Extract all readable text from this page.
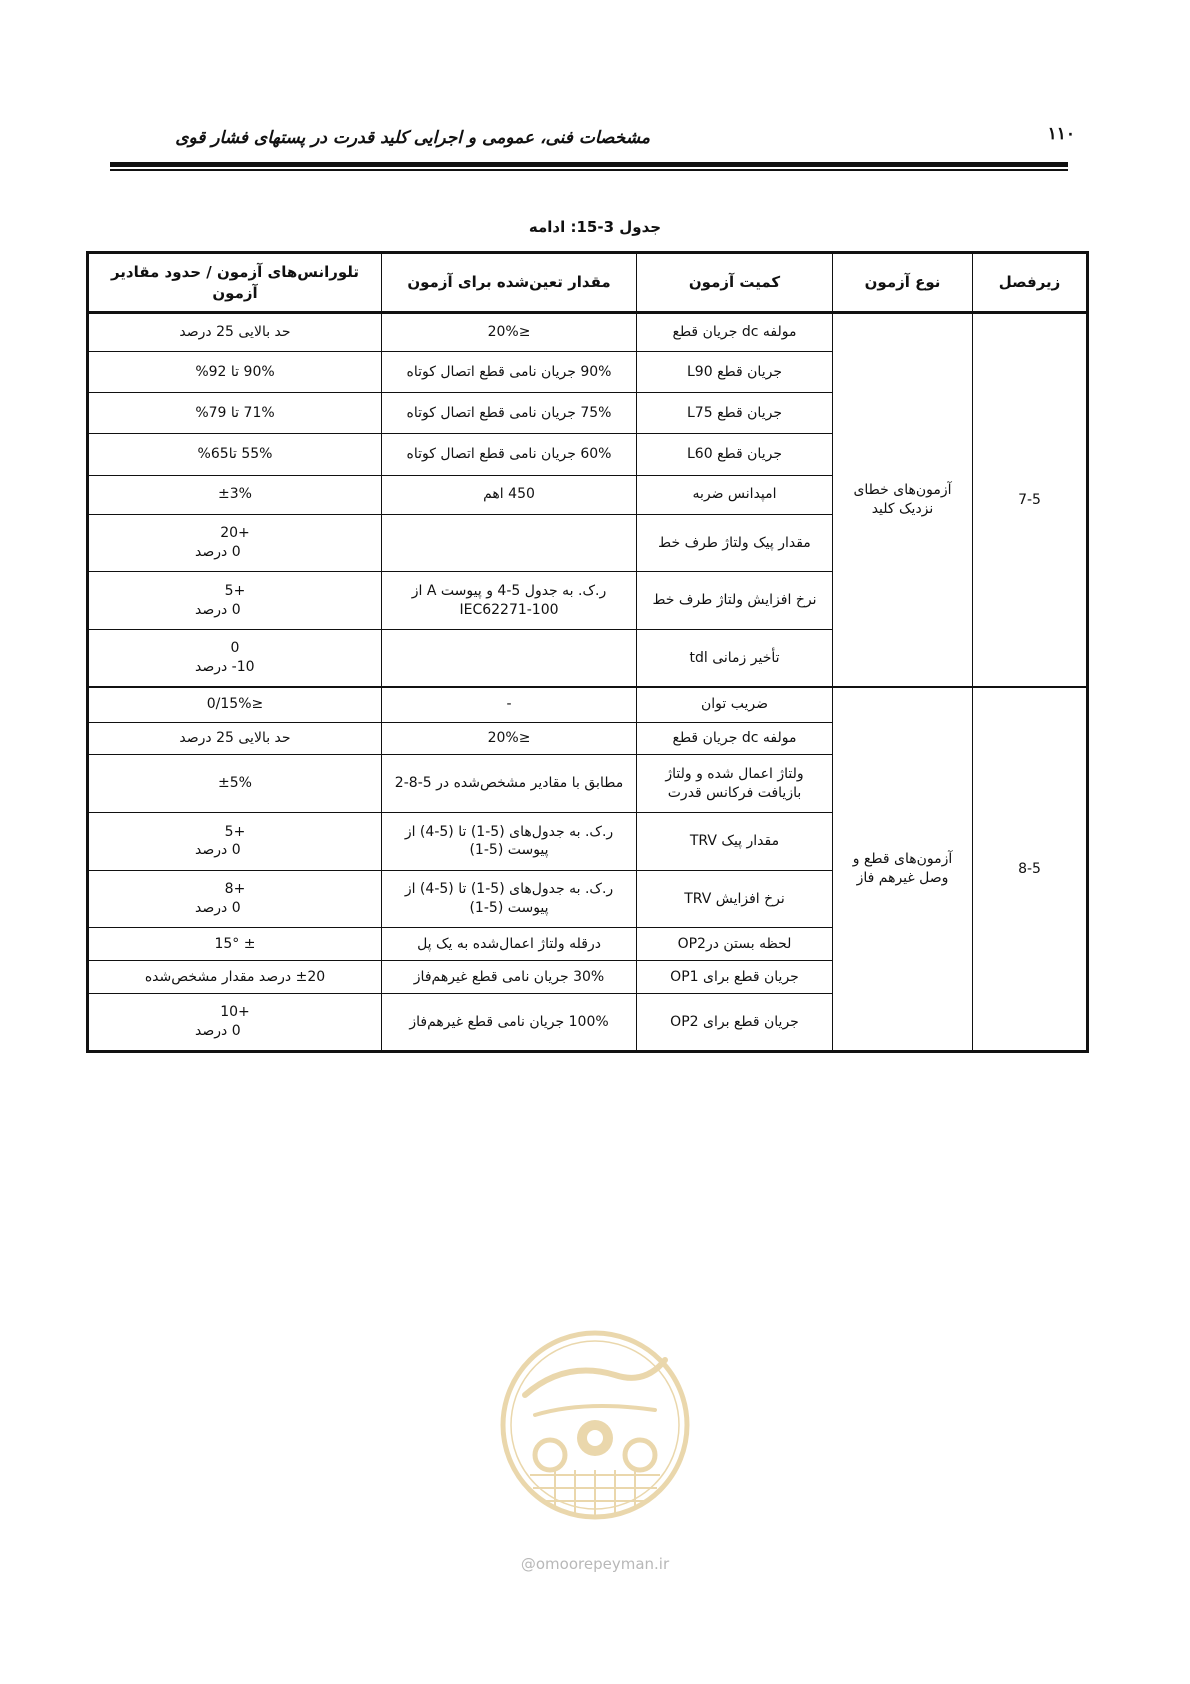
مشخصات فنی، عمومی و اجرایی کلید قدرت در پستهای فشار قوی	۱۱۰
جدول 3-15: ادامه
زیرفصل	نوع آزمون	کمیت آزمون	مقدار تعین‌شده برای آزمون	تلورانس‌های آزمون / حدود مقادیر آزمون
7-5	آزمون‌های خطای نزدیک کلید	مولفه dc جریان قطع	≤20%	حد بالایی 25 درصد

		جریان قطع L90	90% جریان نامی قطع اتصال کوتاه	90% تا 92%

		جریان قطع L75	75% جریان نامی قطع اتصال کوتاه	71% تا 79%

		جریان قطع L60	60% جریان نامی قطع اتصال کوتاه	55% تا65%

		امپدانس ضربه	450 اهم	±3%

		مقدار پیک ولتاژ طرف خط		+20
0 درصد

		نرخ افزایش ولتاژ طرف خط	ر.ک. به جدول 5-4 و پیوست A از IEC62271-100	+5
0 درصد

		تأخیر زمانی tdl		0
10- درصد

8-5	آزمون‌های قطع و وصل غیرهم فاز	ضریب توان	-	≤0/15%

		مولفه dc جریان قطع	≤20%	حد بالایی 25 درصد

		ولتاژ اعمال شده و ولتاژ بازیافت فرکانس قدرت	مطابق با مقادیر مشخص‌شده در 5-8-2	±5%

		مقدار پیک TRV	ر.ک. به جدول‌های (5-1) تا (5-4) از پیوست (5-1)	+5
0 درصد

		نرخ افزایش TRV	ر.ک. به جدول‌های (5-1) تا (5-4) از پیوست (5-1)	+8
0 درصد

		لحظه بستن درOP2	درقله ولتاژ اعمال‌شده به یک پل	± 15°

		جریان قطع برای OP1	30% جریان نامی قطع غیرهم‌فاز	±20 درصد مقدار مشخص‌شده

		جریان قطع برای OP2	100% جریان نامی قطع غیرهم‌فاز	+10
0 درصد
@omoorepeyman.ir
